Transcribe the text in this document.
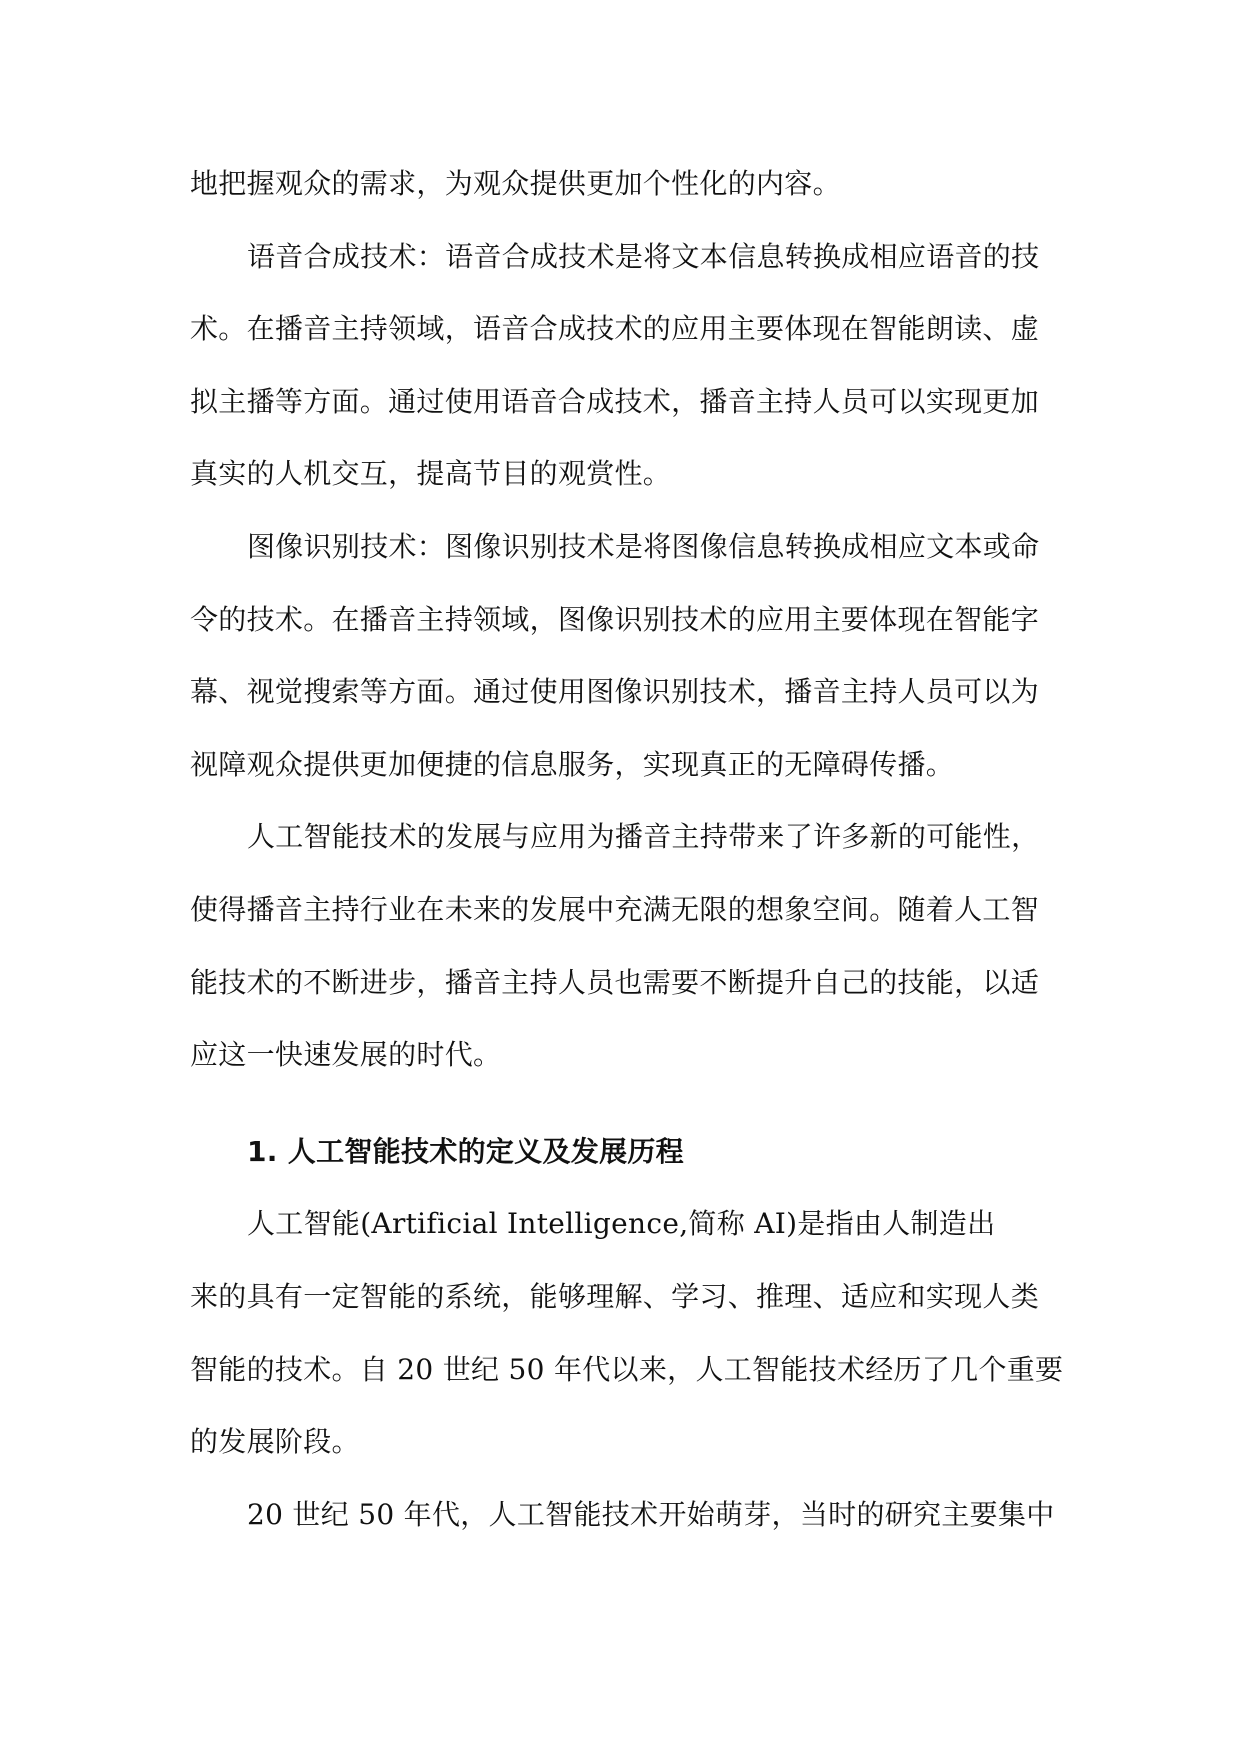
地把握观众的需求，为观众提供更加个性化的内容。
语音合成技术：语音合成技术是将文本信息转换成相应语音的技
术。在播音主持领域，语音合成技术的应用主要体现在智能朗读、虚
拟主播等方面。通过使用语音合成技术，播音主持人员可以实现更加
真实的人机交互，提高节目的观赏性。
图像识别技术：图像识别技术是将图像信息转换成相应文本或命
令的技术。在播音主持领域，图像识别技术的应用主要体现在智能字
幕、视觉搜索等方面。通过使用图像识别技术，播音主持人员可以为
视障观众提供更加便捷的信息服务，实现真正的无障碍传播。
人工智能技术的发展与应用为播音主持带来了许多新的可能性，
使得播音主持行业在未来的发展中充满无限的想象空间。随着人工智
能技术的不断进步，播音主持人员也需要不断提升自己的技能，以适
应这一快速发展的时代。
1. 人工智能技术的定义及发展历程
人工智能(Artificial Intelligence,简称 AI)是指由人制造出
来的具有一定智能的系统，能够理解、学习、推理、适应和实现人类
智能的技术。自 20 世纪 50 年代以来，人工智能技术经历了几个重要
的发展阶段。
20 世纪 50 年代，人工智能技术开始萌芽，当时的研究主要集中
